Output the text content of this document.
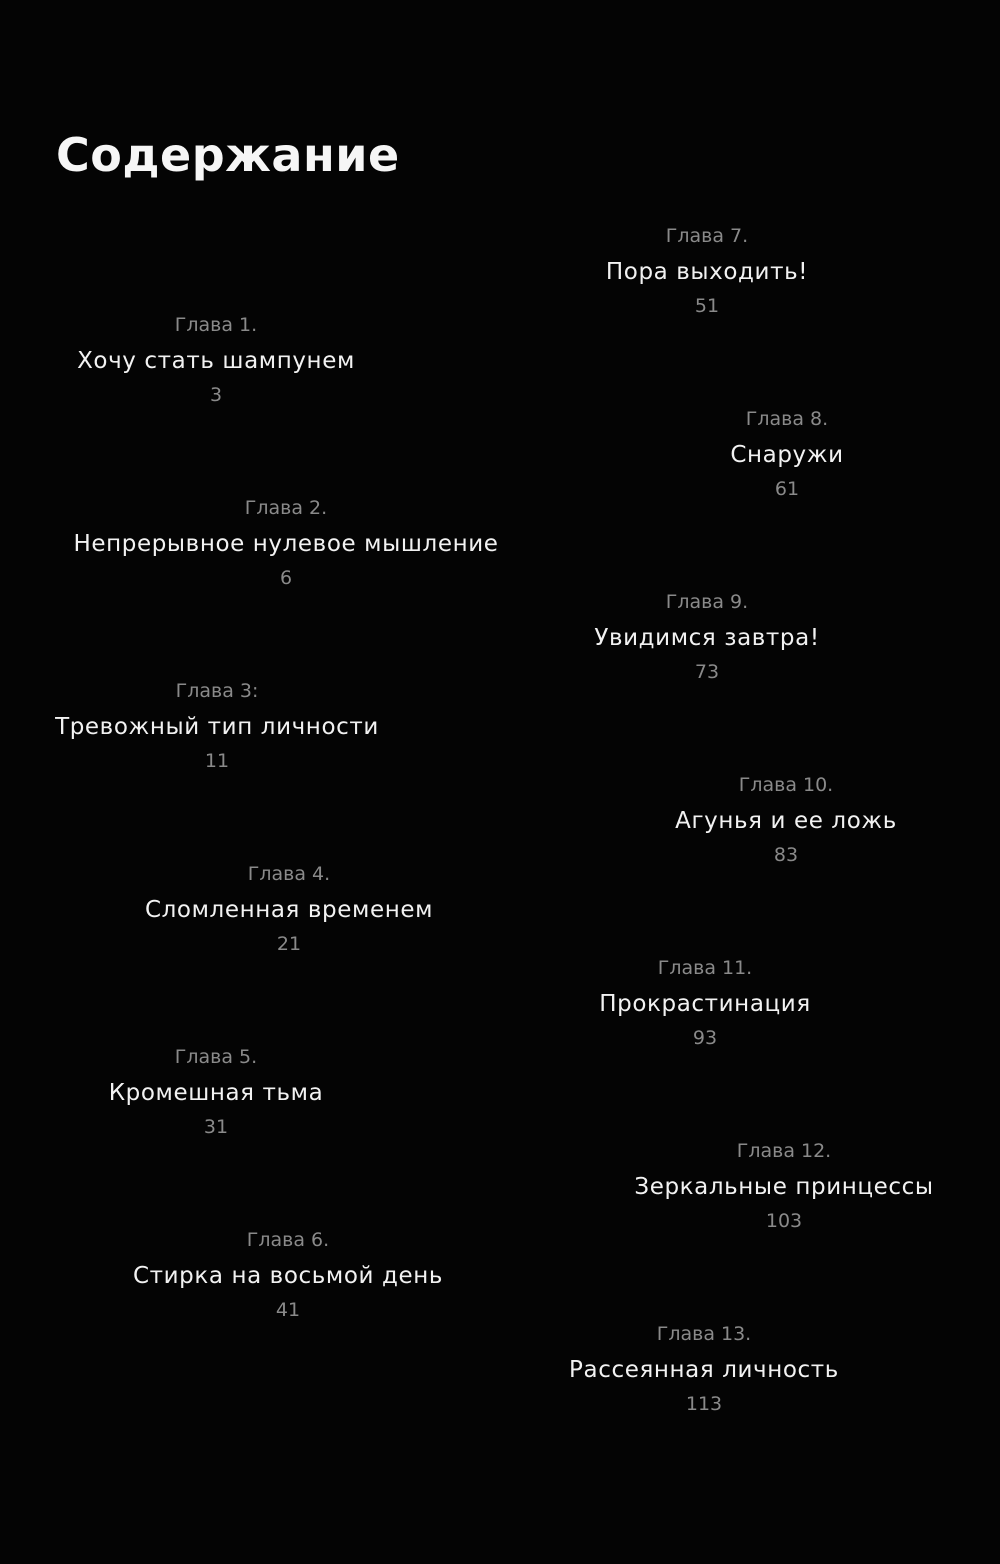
Содержание
Глава 1.
Хочу стать шампунем
3
Глава 2.
Непрерывное нулевое мышление
6
Глава 3:
Тревожный тип личности
11
Глава 4.
Сломленная временем
21
Глава 5.
Кромешная тьма
31
Глава 6.
Стирка на восьмой день
41
Глава 7.
Пора выходить!
51
Глава 8.
Снаружи
61
Глава 9.
Увидимся завтра!
73
Глава 10.
Агунья и ее ложь
83
Глава 11.
Прокрастинация
93
Глава 12.
Зеркальные принцессы
103
Глава 13.
Рассеянная личность
113
